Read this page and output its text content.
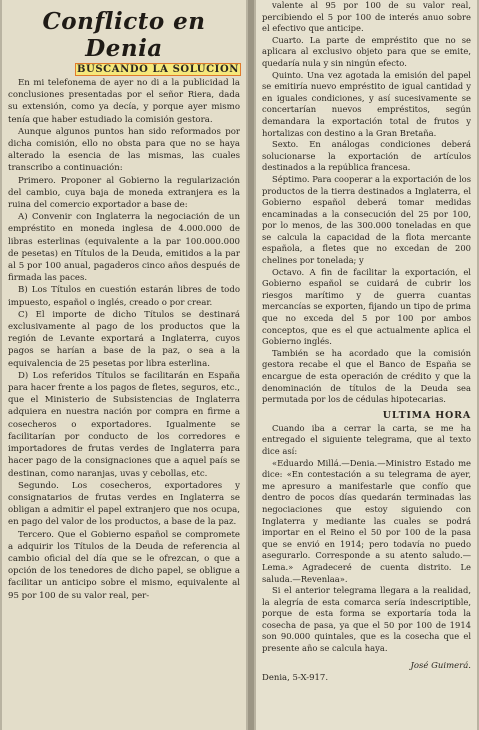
Conflicto en Denia
BUSCANDO LA SOLUCION

En mi telefonema de ayer no di a la publicidad la conclusiones presentadas por el señor Riera, dada su extensión, como ya decía, y porque ayer mismo tenía que haber estudiado la comisión gestora.

Aunque algunos puntos han sido reformados por dicha comisión, ello no obsta para que no se haya alterado la esencia de las mismas, las cuales transcribo a continuación:

Primero. Proponer al Gobierno la regularización del cambio, cuya baja de moneda extranjera es la ruina del comercio exportador a base de:

A) Convenir con Inglaterra la negociación de un empréstito en moneda inglesa de 4.000.000 de libras esterlinas (equivalente a la par 100.000.000 de pesetas) en Títulos de la Deuda, emitidos a la par al 5 por 100 anual, pagaderos cinco años después de firmada las paces.

B) Los Títulos en cuestión estarán libres de todo impuesto, español o inglés, creado o por crear.

C) El importe de dicho Títulos se destinará exclusivamente al pago de los productos que la región de Levante exportará a Inglaterra, cuyos pagos se harían a base de la paz, o sea a la equivalencia de 25 pesetas por libra esterlina.

D) Los referidos Títulos se facilitarán en España para hacer frente a los pagos de fletes, seguros, etc., que el Ministerio de Subsistencias de Inglaterra adquiera en nuestra nación por compra en firme a cosecheros o exportadores. Igualmente se facilitarían por conducto de los corredores e importadores de frutas verdes de Inglaterra para hacer pago de la consignaciones que a aquel país se destinan, como naranjas, uvas y cebollas, etc.

Segundo. Los cosecheros, exportadores y consignatarios de frutas verdes en Inglaterra se obligan a admitir el papel extranjero que nos ocupa, en pago del valor de los productos, a base de la paz.

Tercero. Que el Gobierno español se compromete a adquirir los Títulos de la Deuda de referencia al cambio oficial del día que se le ofrezcan, o que a opción de los tenedores de dicho papel, se obligue a facilitar un anticipo sobre el mismo, equivalente al 95 por 100 de su valor real, per-

valente al 95 por 100 de su valor real, percibiendo el 5 por 100 de interés anuo sobre el efectivo que anticipe.

Cuarto. La parte de empréstito que no se aplicara al exclusivo objeto para que se emite, quedaría nula y sin ningún efecto.

Quinto. Una vez agotada la emisión del papel se emitiría nuevo empréstito de igual cantidad y en iguales condiciones, y así sucesivamente se concertarían nuevos empréstitos, según demandara la exportación total de frutos y hortalizas con destino a la Gran Bretaña.

Sexto. En análogas condiciones deberá solucionarse la exportación de artículos destinados a la república francesa.

Séptimo. Para cooperar a la exportación de los productos de la tierra destinados a Inglaterra, el Gobierno español deberá tomar medidas encaminadas a la consecución del 25 por 100, por lo menos, de las 300.000 toneladas en que se calcula la capacidad de la flota mercante española, a fletes que no excedan de 200 chelines por tonelada; y

Octavo. A fin de facilitar la exportación, el Gobierno español se cuidará de cubrir los riesgos marítimo y de guerra cuantas mercancías se exporten, fijando un tipo de prima que no exceda del 5 por 100 por ambos conceptos, que es el que actualmente aplica el Gobierno inglés.

También se ha acordado que la comisión gestora recabe el que el Banco de España se encargue de esta operación de crédito y que la denominación de títulos de la Deuda sea permutada por los de cédulas hipotecarias.

ULTIMA HORA

Cuando iba a cerrar la carta, se me ha entregado el siguiente telegrama, que al texto dice así:

«Eduardo Millá.—Denia.—Ministro Estado me dice: «En contestación a su telegrama de ayer, me apresuro a manifestarle que confío que dentro de pocos días quedarán terminadas las negociaciones que estoy siguiendo con Inglaterra y mediante las cuales se podrá importar en el Reino el 50 por 100 de la pasa que se envió en 1914; pero todavía no puedo asegurarlo. Corresponde a su atento saludo.—Lema.» Agradeceré de cuenta distrito. Le saluda.—Revenlaa».

Si el anterior telegrama llegara a la realidad, la alegría de esta comarca sería indescriptible, porque de esta forma se exportaría toda la cosecha de pasa, ya que el 50 por 100 de 1914 son 90.000 quintales, que es la cosecha que el presente año se calcula haya.

José Guimerá.
Denia, 5-X-917.
